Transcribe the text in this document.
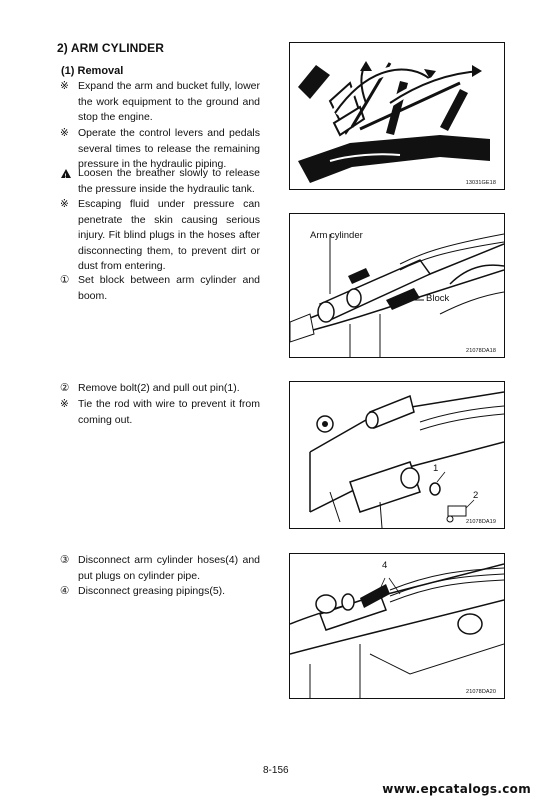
2) ARM CYLINDER
(1) Removal
※ Expand the arm and bucket fully, lower the work equipment to the ground and stop the engine.
※ Operate the control levers and pedals several times to release the remaining pressure in the hydraulic piping.
!
Loosen the breather slowly to release the pressure inside the hydraulic tank.
※ Escaping fluid under pressure can penetrate the skin causing serious injury. Fit blind plugs in the hoses after disconnecting them, to prevent dirt or dust from entering.
① Set block between arm cylinder and boom.
② Remove bolt(2) and pull out pin(1).
※ Tie the rod with wire to prevent it from coming out.
③ Disconnect arm cylinder hoses(4) and put plugs on cylinder pipe.
④ Disconnect greasing pipings(5).
13031GE18
Arm cylinder
Block
21078DA18
1
2
21078DA19
4
21078DA20
8-156
www.epcatalogs.com
